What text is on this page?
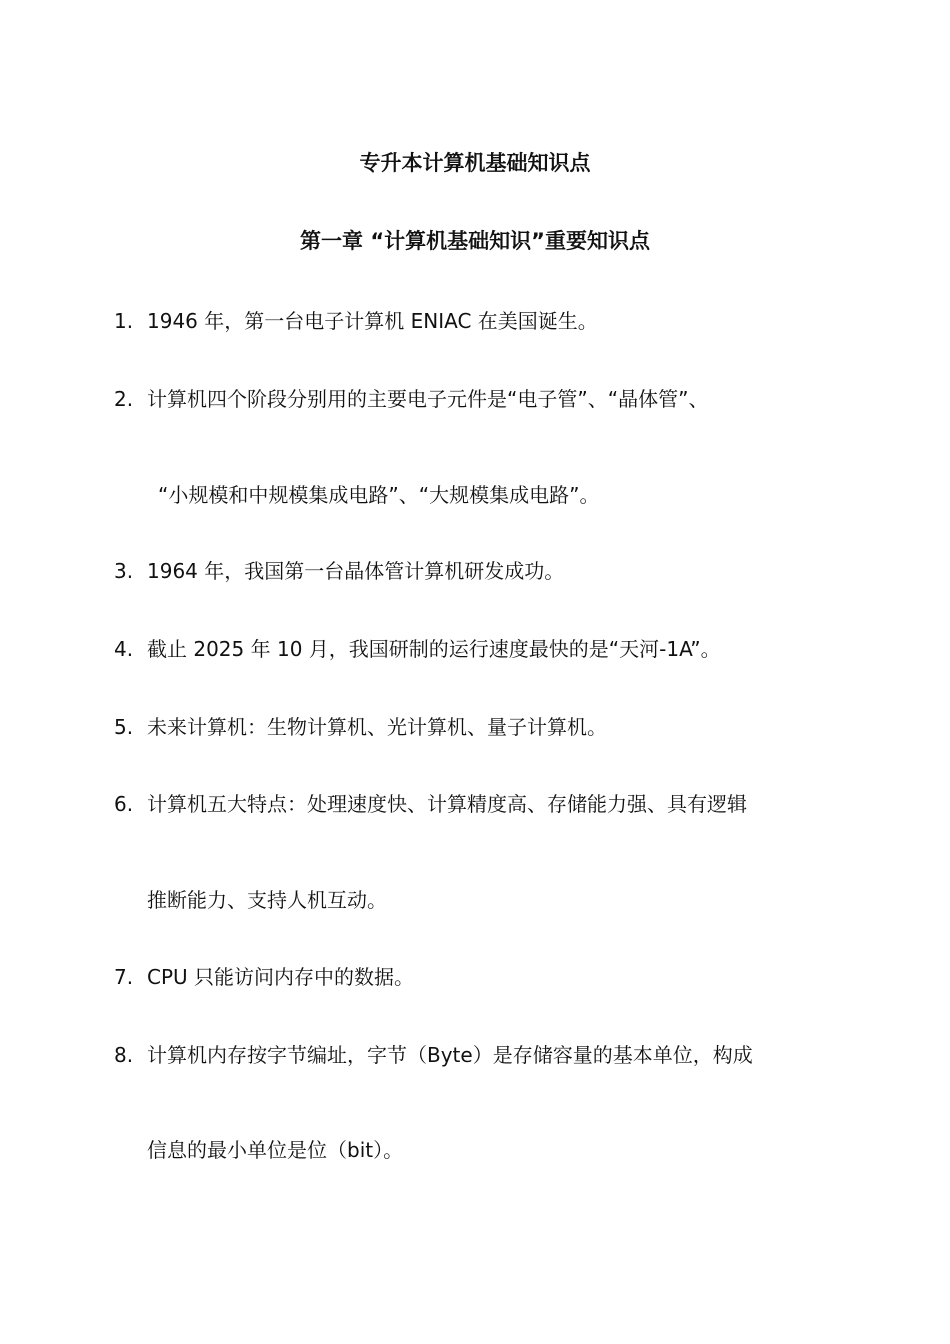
专升本计算机基础知识点
第一章 “计算机基础知识”重要知识点
1. 1946 年，第一台电子计算机 ENIAC 在美国诞生。
2. 计算机四个阶段分别用的主要电子元件是“电子管”、“晶体管”、
“小规模和中规模集成电路”、“大规模集成电路”。
3. 1964 年，我国第一台晶体管计算机研发成功。
4. 截止 2025 年 10 月，我国研制的运行速度最快的是“天河-1A”。
5. 未来计算机：生物计算机、光计算机、量子计算机。
6. 计算机五大特点：处理速度快、计算精度高、存储能力强、具有逻辑
推断能力、支持人机互动。
7. CPU 只能访问内存中的数据。
8. 计算机内存按字节编址，字节（Byte）是存储容量的基本单位，构成
信息的最小单位是位（bit）。
